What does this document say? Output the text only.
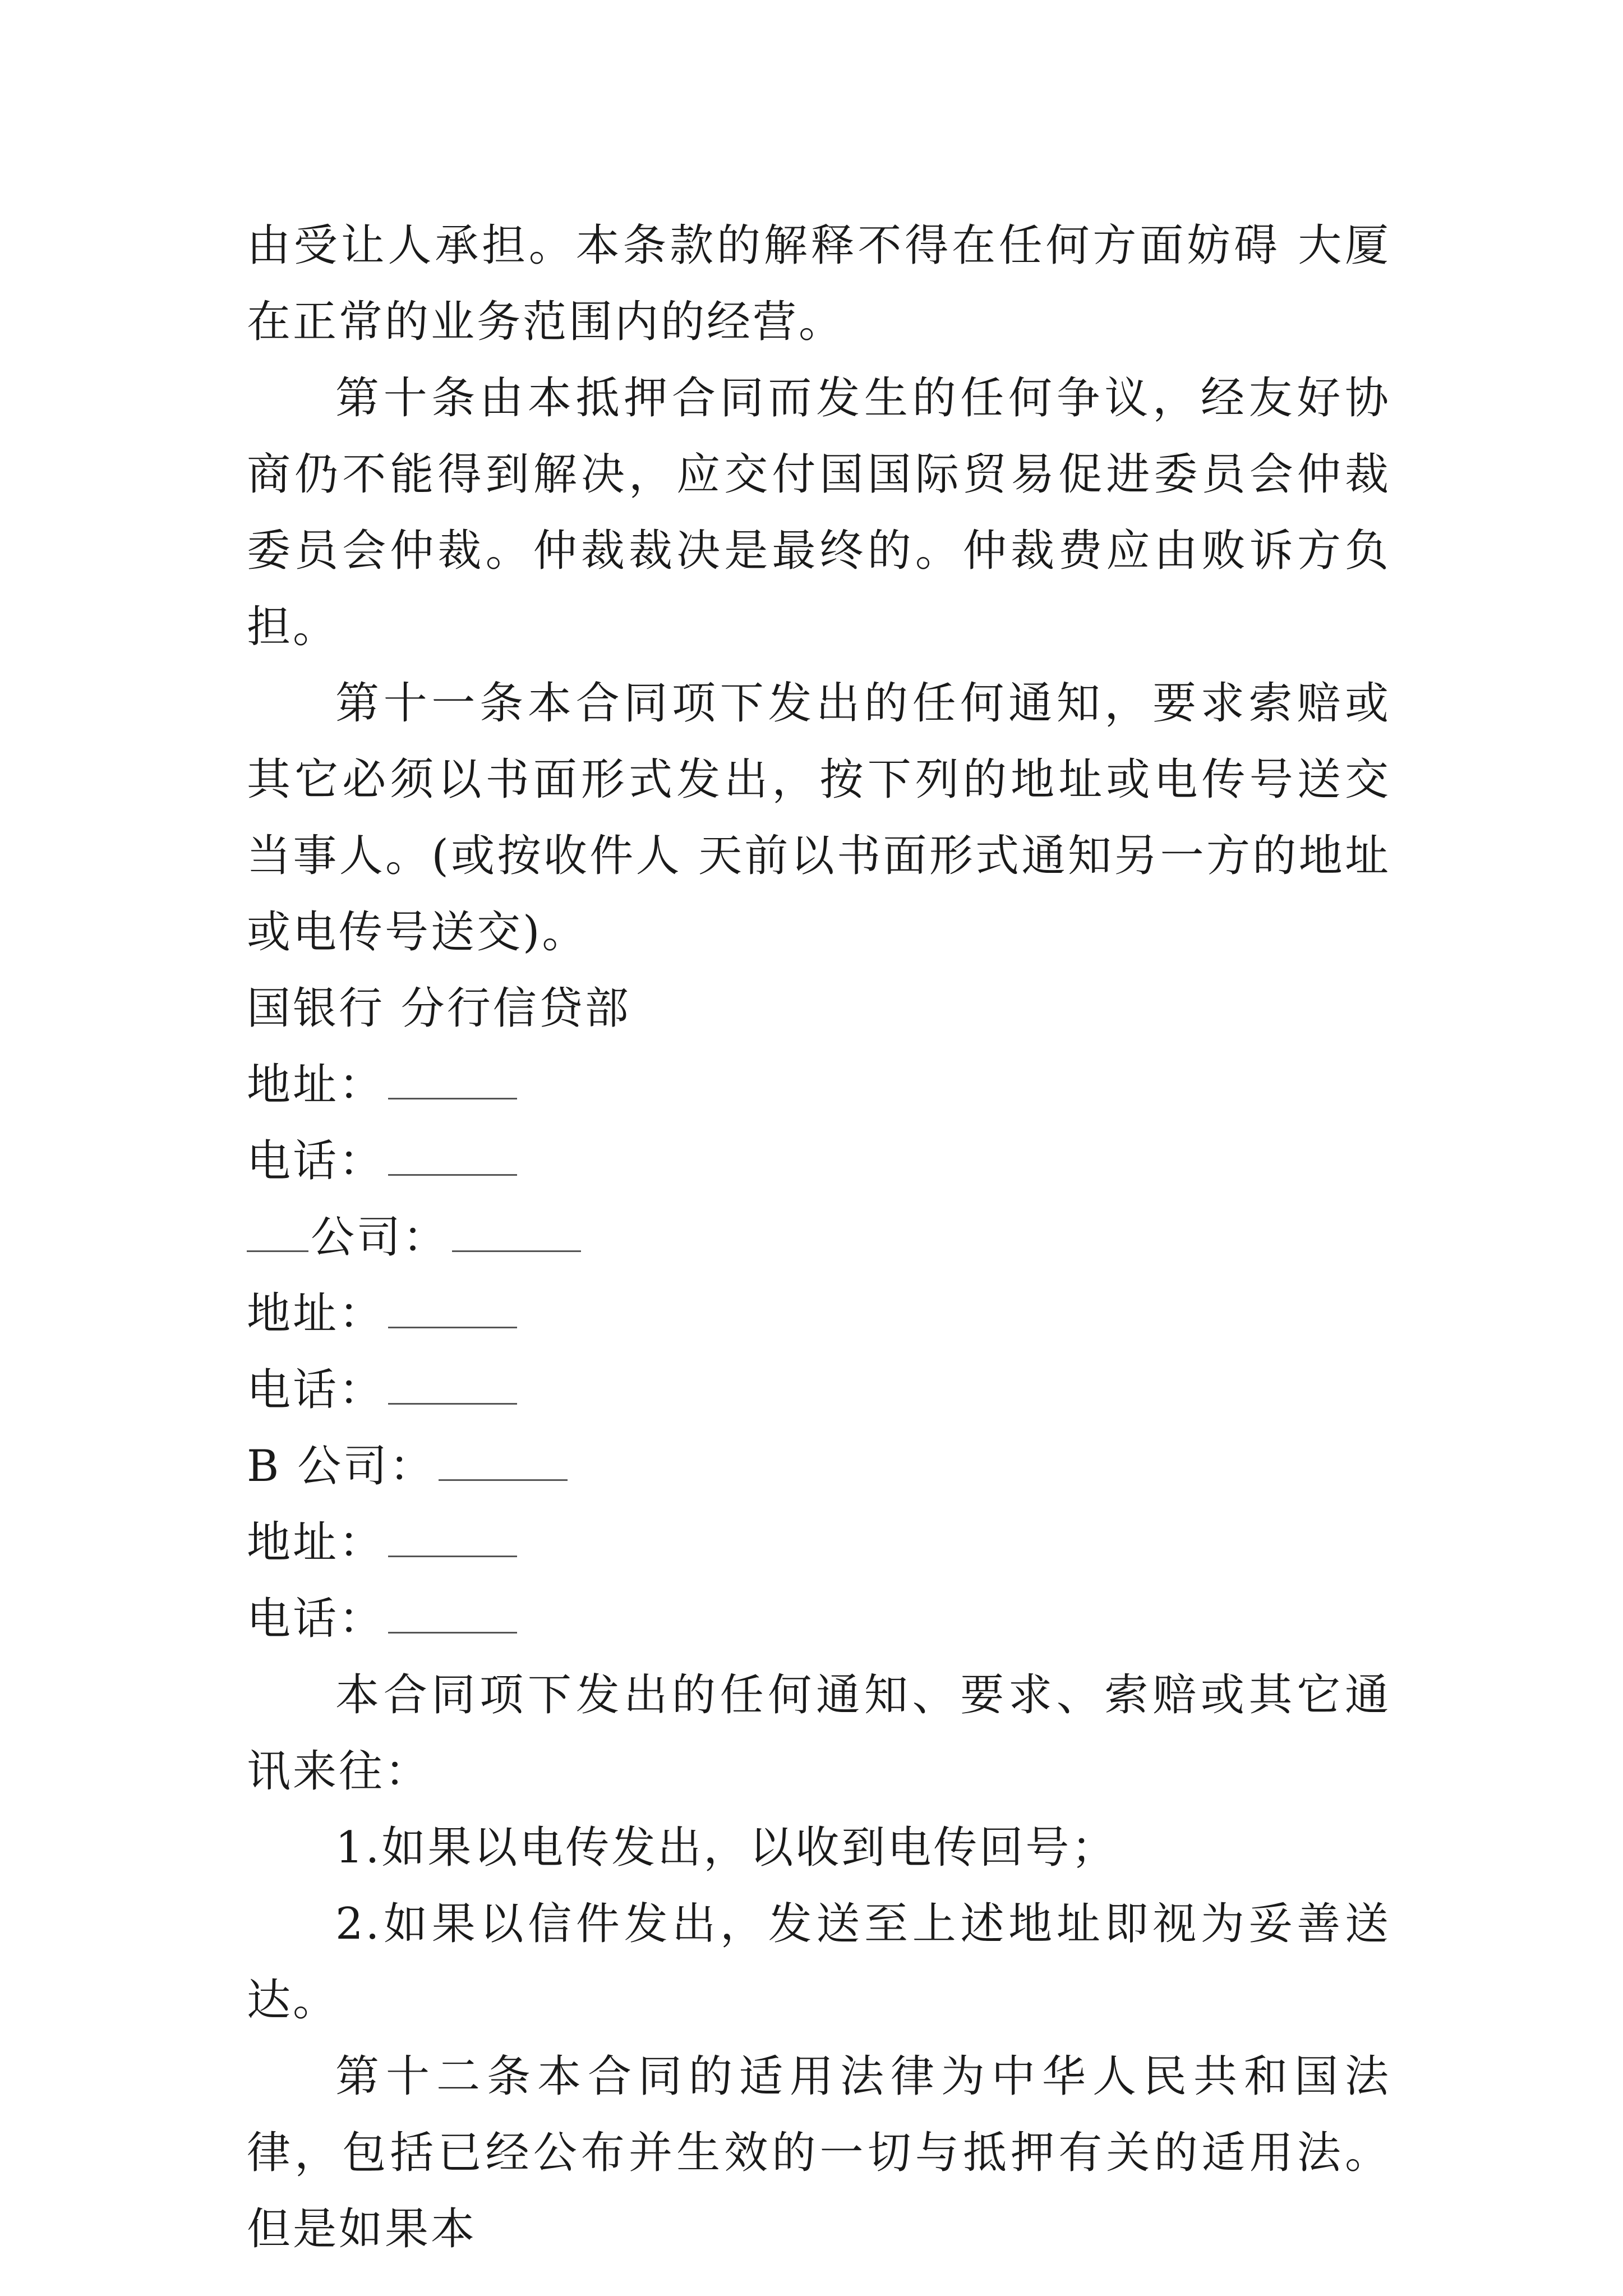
由受让人承担。本条款的解释不得在任何方面妨碍 大厦在正常的业务范围内的经营。

第十条由本抵押合同而发生的任何争议，经友好协商仍不能得到解决，应交付国国际贸易促进委员会仲裁委员会仲裁。仲裁裁决是最终的。仲裁费应由败诉方负担。

第十一条本合同项下发出的任何通知，要求索赔或其它必须以书面形式发出，按下列的地址或电传号送交当事人。(或按收件人 天前以书面形式通知另一方的地址或电传号送交)。

国银行 分行信贷部

地址：

电话：

公司：

地址：

电话：

B 公司：

地址：

电话：

本合同项下发出的任何通知、要求、索赔或其它通讯来往：

1.如果以电传发出，以收到电传回号；

2.如果以信件发出，发送至上述地址即视为妥善送达。

第十二条本合同的适用法律为中华人民共和国法律，包括已经公布并生效的一切与抵押有关的适用法。但是如果本
